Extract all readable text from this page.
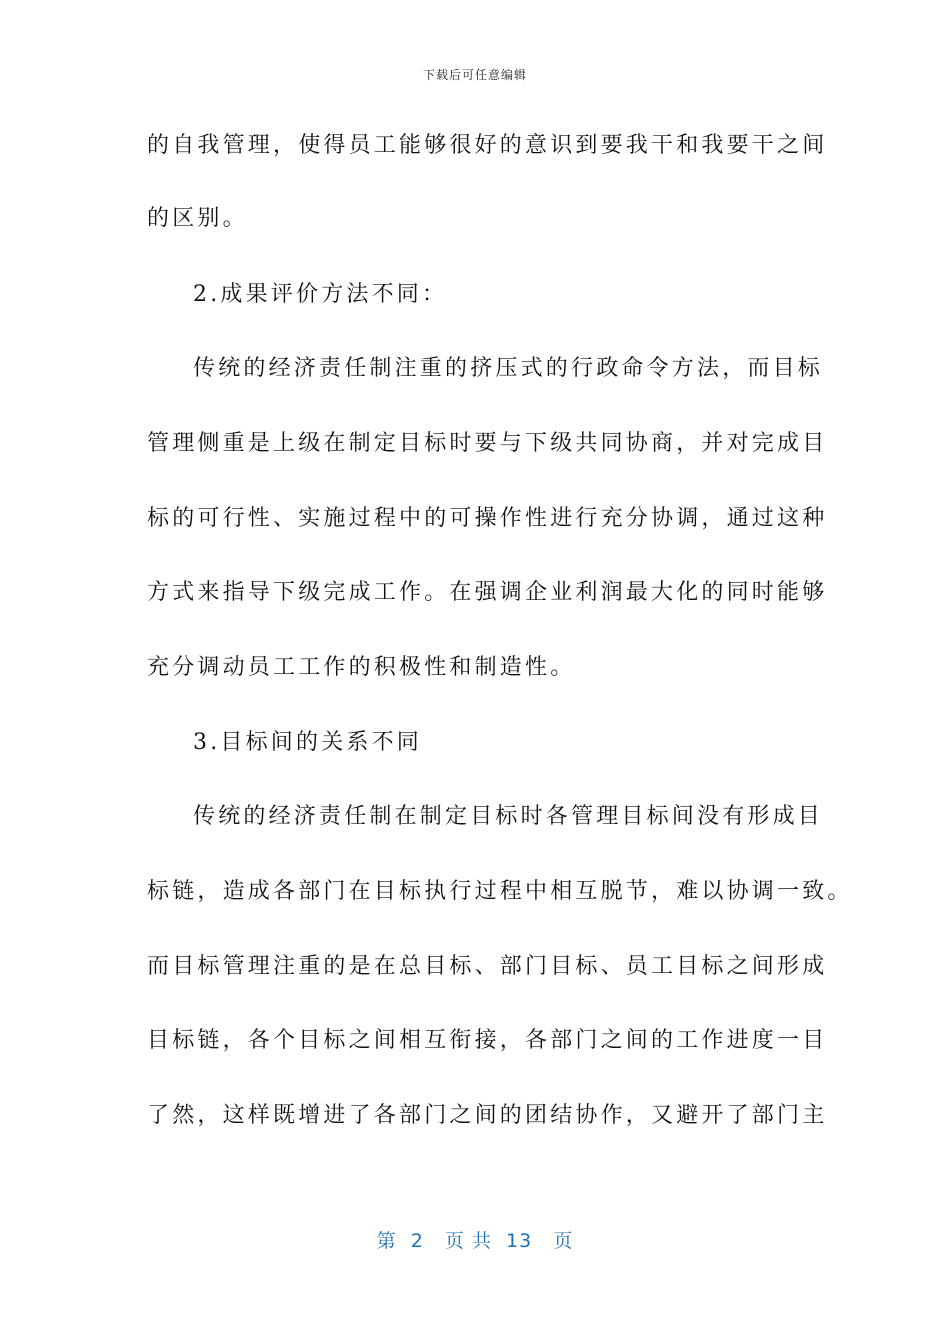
下载后可任意编辑
的自我管理，使得员工能够很好的意识到要我干和我要干之间
的区别。
2.成果评价方法不同：
传统的经济责任制注重的挤压式的行政命令方法，而目标
管理侧重是上级在制定目标时要与下级共同协商，并对完成目
标的可行性、实施过程中的可操作性进行充分协调，通过这种
方式来指导下级完成工作。在强调企业利润最大化的同时能够
充分调动员工工作的积极性和制造性。
3.目标间的关系不同
传统的经济责任制在制定目标时各管理目标间没有形成目
标链，造成各部门在目标执行过程中相互脱节，难以协调一致。
而目标管理注重的是在总目标、部门目标、员工目标之间形成
目标链，各个目标之间相互衔接，各部门之间的工作进度一目
了然，这样既增进了各部门之间的团结协作，又避开了部门主
第  2   页 共  13   页
